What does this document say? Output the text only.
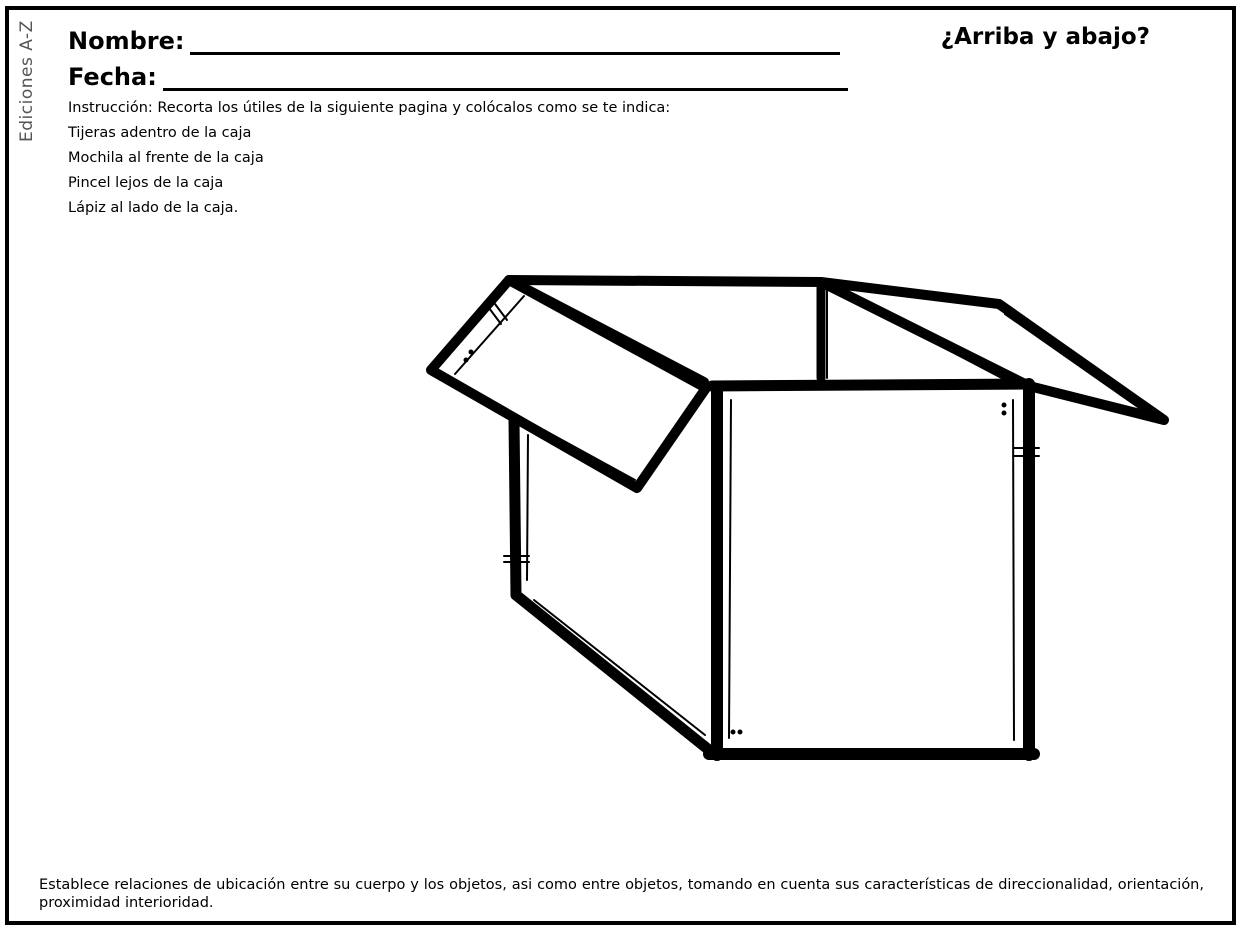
Ediciones A-Z Nombre:
Fecha:
¿Arriba y abajo?
Instrucción: Recorta los útiles de la siguiente pagina y colócalos como se te indica:
Tijeras adentro de la caja
Mochila al frente de la caja
Pincel lejos de la caja
Lápiz al lado de la caja.
Establece relaciones de ubicación entre su cuerpo y los objetos, asi como entre objetos, tomando en cuenta sus características de direccionalidad, orientación, proximidad interioridad.
